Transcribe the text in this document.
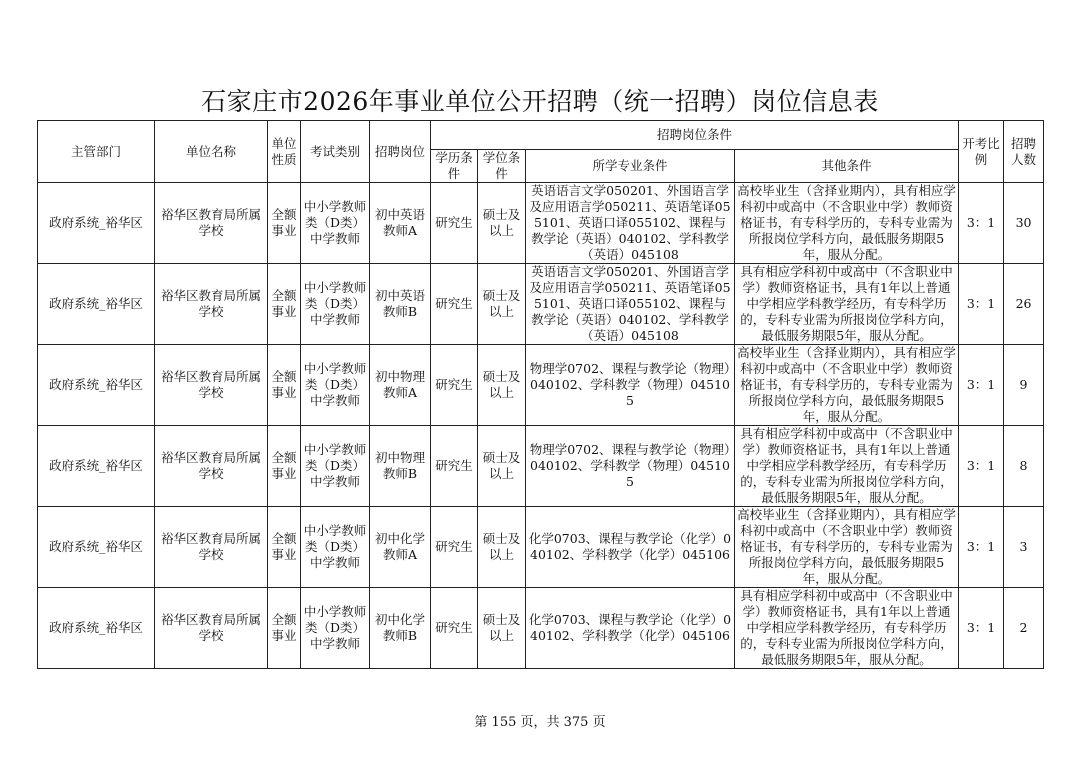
石家庄市2026年事业单位公开招聘（统一招聘）岗位信息表
主管部门	单位名称	单位性质	考试类别	招聘岗位	招聘岗位条件				开考比例	招聘人数
					学历条件	学位条件	所学专业条件	其他条件		
政府系统_裕华区	裕华区教育局所属学校	全额事业	中小学教师类（D类）中学教师	初中英语教师A	研究生	硕士及以上	英语语言文学050201、外国语言学及应用语言学050211、英语笔译055101、英语口译055102、课程与教学论（英语）040102、学科教学（英语）045108	高校毕业生（含择业期内），具有相应学科初中或高中（不含职业中学）教师资格证书，有专科学历的，专科专业需为所报岗位学科方向，最低服务期限5年，服从分配。	3：1	30
政府系统_裕华区	裕华区教育局所属学校	全额事业	中小学教师类（D类）中学教师	初中英语教师B	研究生	硕士及以上	英语语言文学050201、外国语言学及应用语言学050211、英语笔译055101、英语口译055102、课程与教学论（英语）040102、学科教学（英语）045108	具有相应学科初中或高中（不含职业中学）教师资格证书，具有1年以上普通中学相应学科教学经历，有专科学历的，专科专业需为所报岗位学科方向，最低服务期限5年，服从分配。	3：1	26
政府系统_裕华区	裕华区教育局所属学校	全额事业	中小学教师类（D类）中学教师	初中物理教师A	研究生	硕士及以上	物理学0702、课程与教学论（物理）040102、学科教学（物理）045105	高校毕业生（含择业期内），具有相应学科初中或高中（不含职业中学）教师资格证书，有专科学历的，专科专业需为所报岗位学科方向，最低服务期限5年，服从分配。	3：1	9
政府系统_裕华区	裕华区教育局所属学校	全额事业	中小学教师类（D类）中学教师	初中物理教师B	研究生	硕士及以上	物理学0702、课程与教学论（物理）040102、学科教学（物理）045105	具有相应学科初中或高中（不含职业中学）教师资格证书，具有1年以上普通中学相应学科教学经历，有专科学历的，专科专业需为所报岗位学科方向，最低服务期限5年，服从分配。	3：1	8
政府系统_裕华区	裕华区教育局所属学校	全额事业	中小学教师类（D类）中学教师	初中化学教师A	研究生	硕士及以上	化学0703、课程与教学论（化学）040102、学科教学（化学）045106	高校毕业生（含择业期内），具有相应学科初中或高中（不含职业中学）教师资格证书，有专科学历的，专科专业需为所报岗位学科方向，最低服务期限5年，服从分配。	3：1	3
政府系统_裕华区	裕华区教育局所属学校	全额事业	中小学教师类（D类）中学教师	初中化学教师B	研究生	硕士及以上	化学0703、课程与教学论（化学）040102、学科教学（化学）045106	具有相应学科初中或高中（不含职业中学）教师资格证书，具有1年以上普通中学相应学科教学经历，有专科学历的，专科专业需为所报岗位学科方向，最低服务期限5年，服从分配。	3：1	2
第 155 页，共 375 页
